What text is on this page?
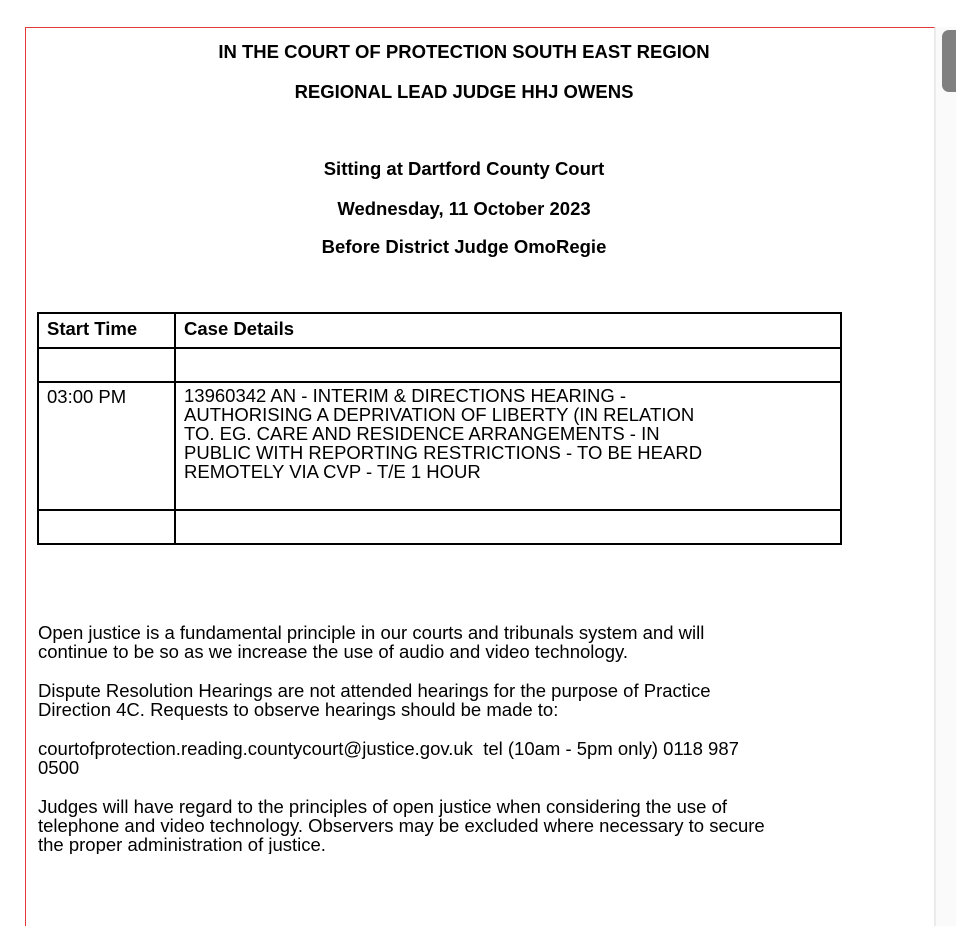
IN THE COURT OF PROTECTION SOUTH EAST REGION
REGIONAL LEAD JUDGE HHJ OWENS
Sitting at Dartford County Court
Wednesday, 11 October 2023
Before District Judge OmoRegie
Start Time	Case Details

03:00 PM	13960342 AN - INTERIM & DIRECTIONS HEARING -
AUTHORISING A DEPRIVATION OF LIBERTY (IN RELATION
TO. EG. CARE AND RESIDENCE ARRANGEMENTS - IN
PUBLIC WITH REPORTING RESTRICTIONS - TO BE HEARD
REMOTELY VIA CVP - T/E 1 HOUR

Open justice is a fundamental principle in our courts and tribunals system and will
continue to be so as we increase the use of audio and video technology.
Dispute Resolution Hearings are not attended hearings for the purpose of Practice
Direction 4C. Requests to observe hearings should be made to:
courtofprotection.reading.countycourt@justice.gov.uk  tel (10am - 5pm only) 0118 987
0500
Judges will have regard to the principles of open justice when considering the use of
telephone and video technology. Observers may be excluded where necessary to secure
the proper administration of justice.
